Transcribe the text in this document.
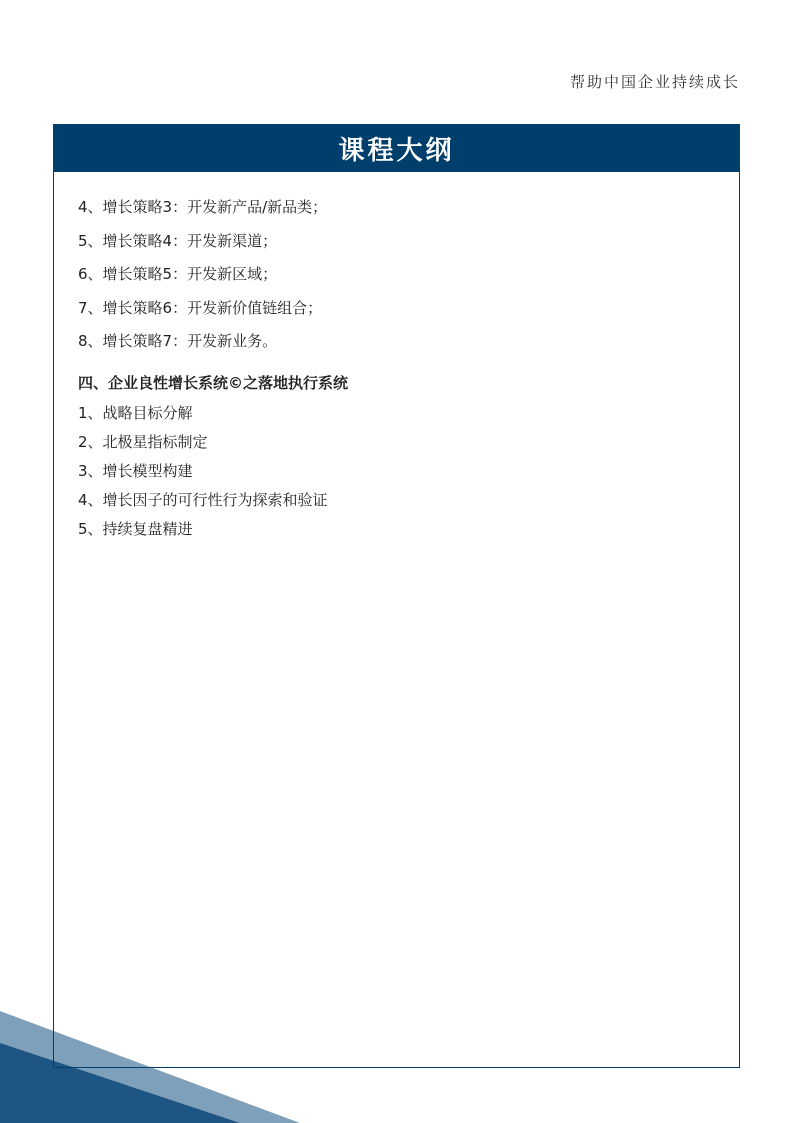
帮助中国企业持续成长
课程大纲
4、增长策略3：开发新产品/新品类；
5、增长策略4：开发新渠道；
6、增长策略5：开发新区域；
7、增长策略6：开发新价值链组合；
8、增长策略7：开发新业务。
四、企业良性增长系统©之落地执行系统
1、战略目标分解
2、北极星指标制定
3、增长模型构建
4、增长因子的可行性行为探索和验证
5、持续复盘精进
